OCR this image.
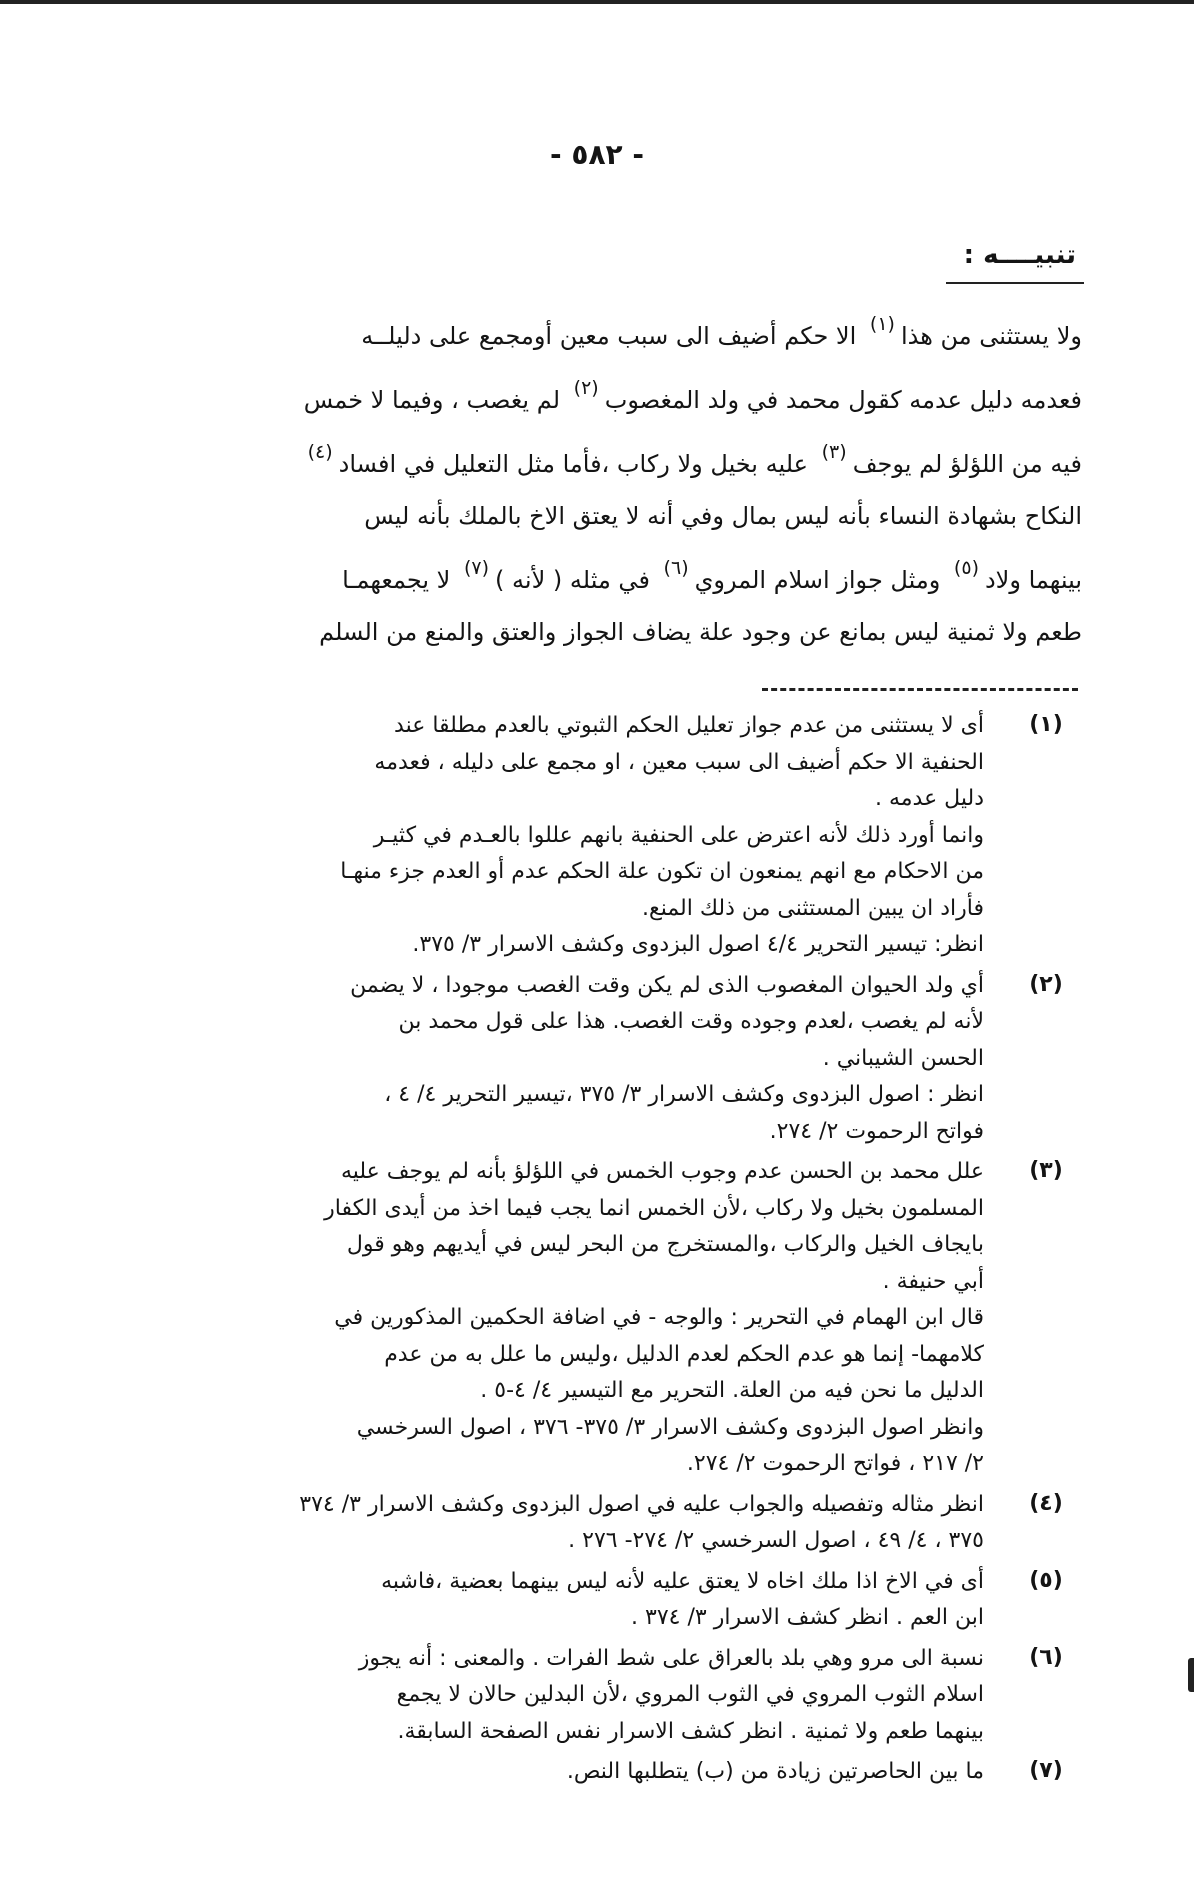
- ٥٨٢ -
تنبيــــه :

ولا يستثنى من هذا$^{(١)}$ الا حكم أضيف الى سبب معين أومجمع على دليلــه

فعدمه دليل عدمه كقول محمد في ولد المغصوب$^{(٢)}$ لم يغصب ، وفيما لا خمس

فيه من اللؤلؤ لم يوجف$^{(٣)}$ عليه بخيل ولا ركاب ،فأما مثل التعليل في افساد$^{(٤)}$

النكاح بشهادة النساء بأنه ليس بمال وفي أنه لا يعتق الاخ بالملك بأنه ليس

بينهما ولاد$^{(٥)}$ ومثل جواز اسلام المروي$^{(٦)}$ في مثله ( لأنه )$^{(٧)}$ لا يجمعهمـا

طعم ولا ثمنية ليس بمانع عن وجود علة يضاف الجواز والعتق والمنع من السلم

(١)

أى لا يستثنى من عدم جواز تعليل الحكم الثبوتي بالعدم مطلقا عند

الحنفية الا حكم أضيف الى سبب معين ، او مجمع على دليله ، فعدمه

دليل عدمه .

وانما أورد ذلك لأنه اعترض على الحنفية بانهم عللوا بالعـدم في كثيـر

من الاحكام مع انهم يمنعون ان تكون علة الحكم عدم أو العدم جزء منهـا

فأراد ان يبين المستثنى من ذلك المنع.

انظر: تيسير التحرير ٤/٤ اصول البزدوى وكشف الاسرار ٣/ ٣٧٥.

(٢)

أي ولد الحيوان المغصوب الذى لم يكن وقت الغصب موجودا ، لا يضمن

لأنه لم يغصب ،لعدم وجوده وقت الغصب. هذا على قول محمد بن

الحسن الشيباني .

انظر : اصول البزدوى وكشف الاسرار ٣/ ٣٧٥ ،تيسير التحرير ٤/ ٤ ،

فواتح الرحموت ٢/ ٢٧٤.

(٣)

علل محمد بن الحسن عدم وجوب الخمس في اللؤلؤ بأنه لم يوجف عليه

المسلمون بخيل ولا ركاب ،لأن الخمس انما يجب فيما اخذ من أيدى الكفار

بايجاف الخيل والركاب ،والمستخرج من البحر ليس في أيديهم وهو قول

أبي حنيفة .

قال ابن الهمام في التحرير : والوجه - في اضافة الحكمين المذكورين في

كلامهما- إنما هو عدم الحكم لعدم الدليل ،وليس ما علل به من عدم

الدليل ما نحن فيه من العلة. التحرير مع التيسير ٤/ ٤-٥ .

وانظر اصول البزدوى وكشف الاسرار ٣/ ٣٧٥- ٣٧٦ ، اصول السرخسي

٢/ ٢١٧ ، فواتح الرحموت ٢/ ٢٧٤.

(٤)

انظر مثاله وتفصيله والجواب عليه في اصول البزدوى وكشف الاسرار ٣/ ٣٧٤

٣٧٥ ، ٤/ ٤٩ ، اصول السرخسي ٢/ ٢٧٤- ٢٧٦ .

(٥)

أى في الاخ اذا ملك اخاه لا يعتق عليه لأنه ليس بينهما بعضية ،فاشبه

ابن العم . انظر كشف الاسرار ٣/ ٣٧٤ .

(٦)

نسبة الى مرو وهي بلد بالعراق على شط الفرات . والمعنى : أنه يجوز

اسلام الثوب المروي في الثوب المروي ،لأن البدلين حالان لا يجمع

بينهما طعم ولا ثمنية . انظر كشف الاسرار نفس الصفحة السابقة.

(٧)

ما بين الحاصرتين زيادة من (ب) يتطلبها النص.
